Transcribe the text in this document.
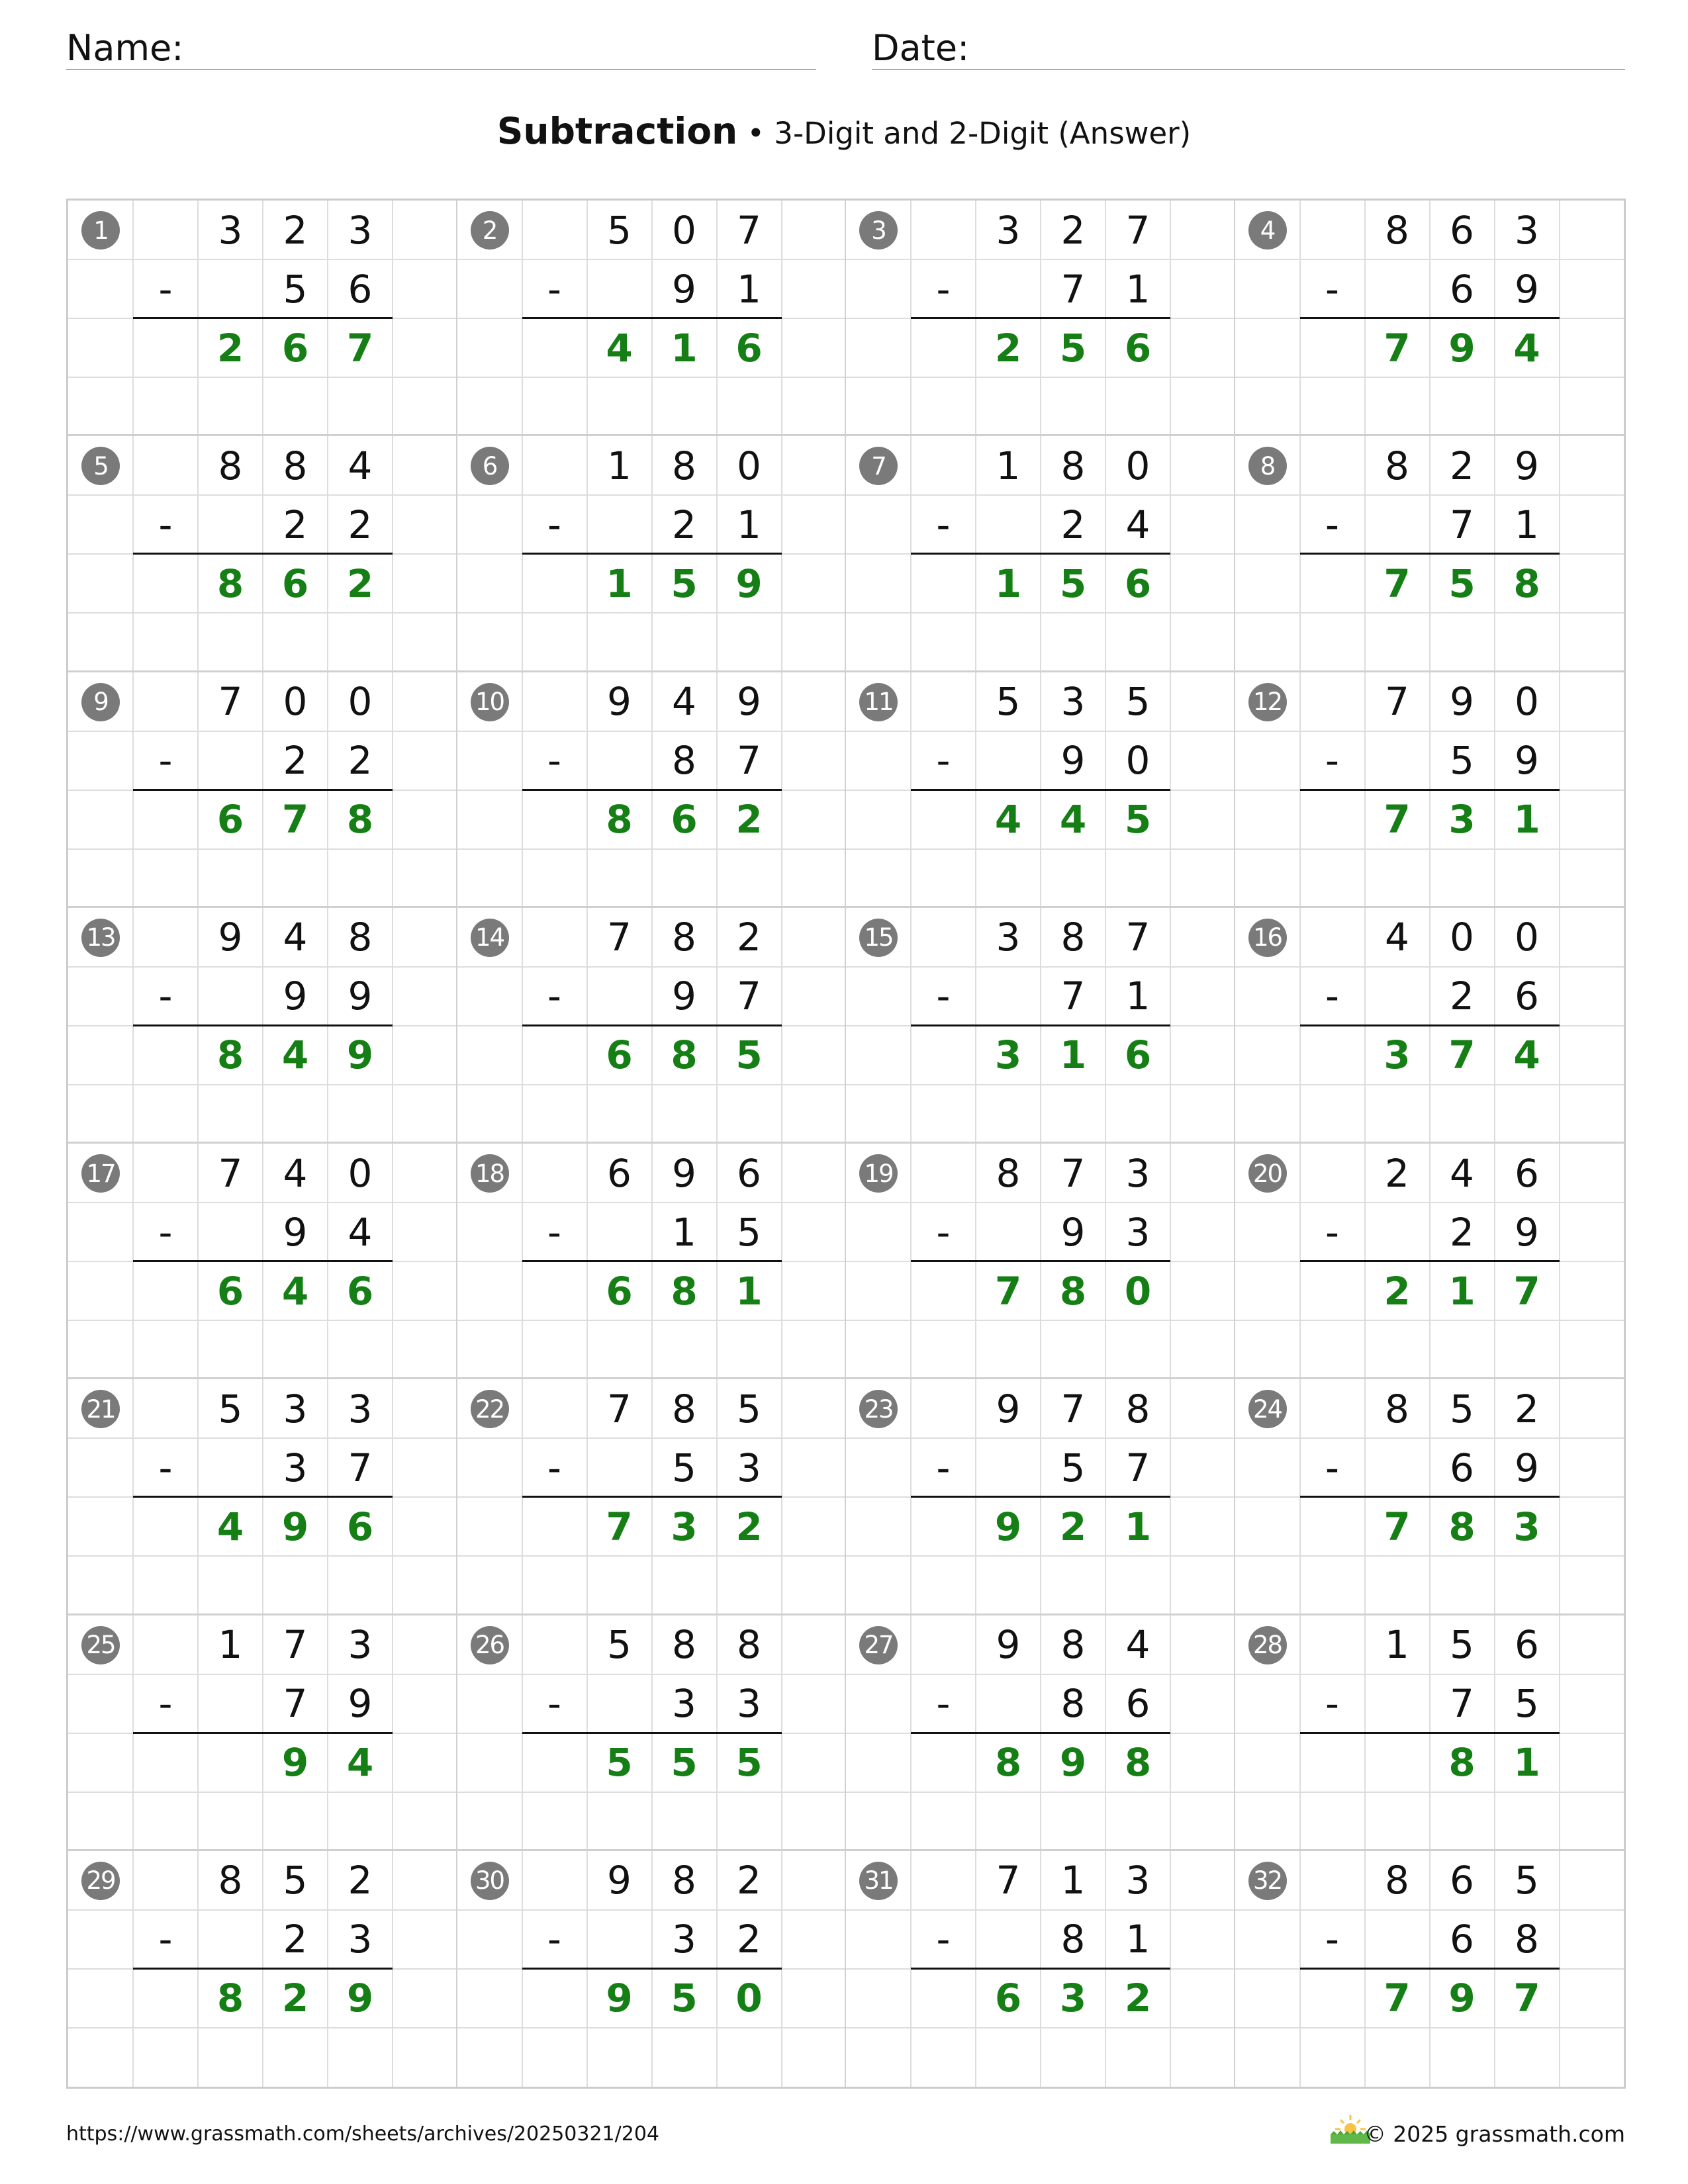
Name:	Date:
Subtraction • 3-Digit and 2-Digit (Answer)
1	3	2	3
-	5	6
2 6 7
2	5	0	7
-	9	1
4 1 6
3	3	2	7
-	7	1
2 5 6
4	8	6	3
-	6	9
7 9 4
5	8	8	4
-	2	2
8 6 2
6	1	8	0
-	2	1
1 5 9
7	1	8	0
-	2	4
1 5 6
8	8	2	9
-	7	1
7 5 8
9	7	0	0
-	2	2
6 7 8
10	9	4	9
-	8	7
8 6 2
11	5	3	5
-	9	0
4 4 5
12	7	9	0
-	5	9
7 3 1
13	9	4	8
-	9	9
8 4 9
14	7	8	2
-	9	7
6 8 5
15	3	8	7
-	7	1
3 1 6
16	4	0	0
-	2	6
3 7 4
17	7	4	0
-	9	4
6 4 6
18	6	9	6
-	1	5
6 8 1
19	8	7	3
-	9	3
7 8 0
20	2	4	6
-	2	9
2 1 7
21	5	3	3
-	3	7
4 9 6
22	7	8	5
-	5	3
7 3 2
23	9	7	8
-	5	7
9 2 1
24	8	5	2
-	6	9
7 8 3
25	1	7	3
-	7	9
9 4
26	5	8	8
-	3	3
5 5 5
27	9	8	4
-	8	6
8 9 8
28	1	5	6
-	7	5
8 1
29	8	5	2
-	2	3
8 2 9
30	9	8	2
-	3	2
9 5 0
31	7	1	3
-	8	1
6 3 2
32	8	6	5
-	6	8
7 9 7
https://www.grassmath.com/sheets/archives/20250321/204	© 2025 grassmath.com
